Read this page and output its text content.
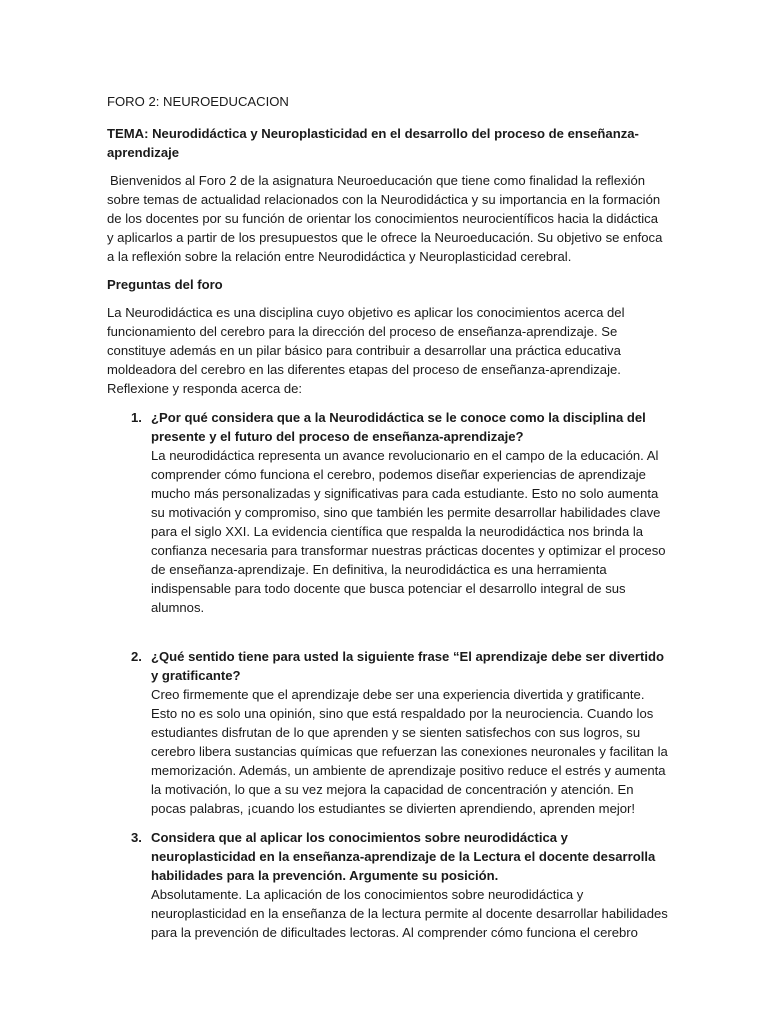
FORO 2: NEUROEDUCACION

TEMA: Neurodidáctica y Neuroplasticidad en el desarrollo del proceso de enseñanza-aprendizaje

Bienvenidos al Foro 2 de la asignatura Neuroeducación que tiene como finalidad la reflexión sobre temas de actualidad relacionados con la Neurodidáctica y su importancia en la formación de los docentes por su función de orientar los conocimientos neurocientíficos hacia la didáctica y aplicarlos a partir de los presupuestos que le ofrece la Neuroeducación. Su objetivo se enfoca a la reflexión sobre la relación entre Neurodidáctica y Neuroplasticidad cerebral.

Preguntas del foro

La Neurodidáctica es una disciplina cuyo objetivo es aplicar los conocimientos acerca del funcionamiento del cerebro para la dirección del proceso de enseñanza-aprendizaje. Se constituye además en un pilar básico para contribuir a desarrollar una práctica educativa moldeadora del cerebro en las diferentes etapas del proceso de enseñanza-aprendizaje. Reflexione y responda acerca de:

1. ¿Por qué considera que a la Neurodidáctica se le conoce como la disciplina del presente y el futuro del proceso de enseñanza-aprendizaje?
La neurodidáctica representa un avance revolucionario en el campo de la educación. Al comprender cómo funciona el cerebro, podemos diseñar experiencias de aprendizaje mucho más personalizadas y significativas para cada estudiante. Esto no solo aumenta su motivación y compromiso, sino que también les permite desarrollar habilidades clave para el siglo XXI. La evidencia científica que respalda la neurodidáctica nos brinda la confianza necesaria para transformar nuestras prácticas docentes y optimizar el proceso de enseñanza-aprendizaje. En definitiva, la neurodidáctica es una herramienta indispensable para todo docente que busca potenciar el desarrollo integral de sus alumnos.
2. ¿Qué sentido tiene para usted la siguiente frase “El aprendizaje debe ser divertido y gratificante?
Creo firmemente que el aprendizaje debe ser una experiencia divertida y gratificante. Esto no es solo una opinión, sino que está respaldado por la neurociencia. Cuando los estudiantes disfrutan de lo que aprenden y se sienten satisfechos con sus logros, su cerebro libera sustancias químicas que refuerzan las conexiones neuronales y facilitan la memorización. Además, un ambiente de aprendizaje positivo reduce el estrés y aumenta la motivación, lo que a su vez mejora la capacidad de concentración y atención. En pocas palabras, ¡cuando los estudiantes se divierten aprendiendo, aprenden mejor!
3. Considera que al aplicar los conocimientos sobre neurodidáctica y neuroplasticidad en la enseñanza-aprendizaje de la Lectura el docente desarrolla habilidades para la prevención. Argumente su posición.
Absolutamente. La aplicación de los conocimientos sobre neurodidáctica y neuroplasticidad en la enseñanza de la lectura permite al docente desarrollar habilidades para la prevención de dificultades lectoras. Al comprender cómo funciona el cerebro
